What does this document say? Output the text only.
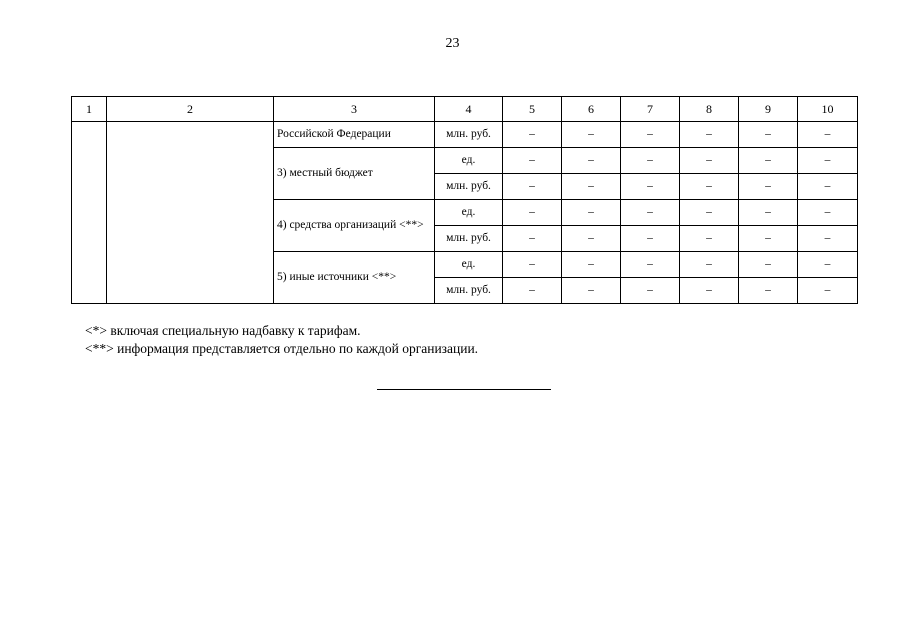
23
1	2	3	4	5	6	7	8	9	10
		Российской Федерации	млн. руб.	–	–	–	–	–	–
		3) местный бюджет	ед.	–	–	–	–	–	–
			млн. руб.	–	–	–	–	–	–
		4) средства организаций <**>	ед.	–	–	–	–	–	–
			млн. руб.	–	–	–	–	–	–
		5) иные источники <**>	ед.	–	–	–	–	–	–
			млн. руб.	–	–	–	–	–	–
<*> включая специальную надбавку к тарифам.
<**> информация представляется отдельно по каждой организации.
